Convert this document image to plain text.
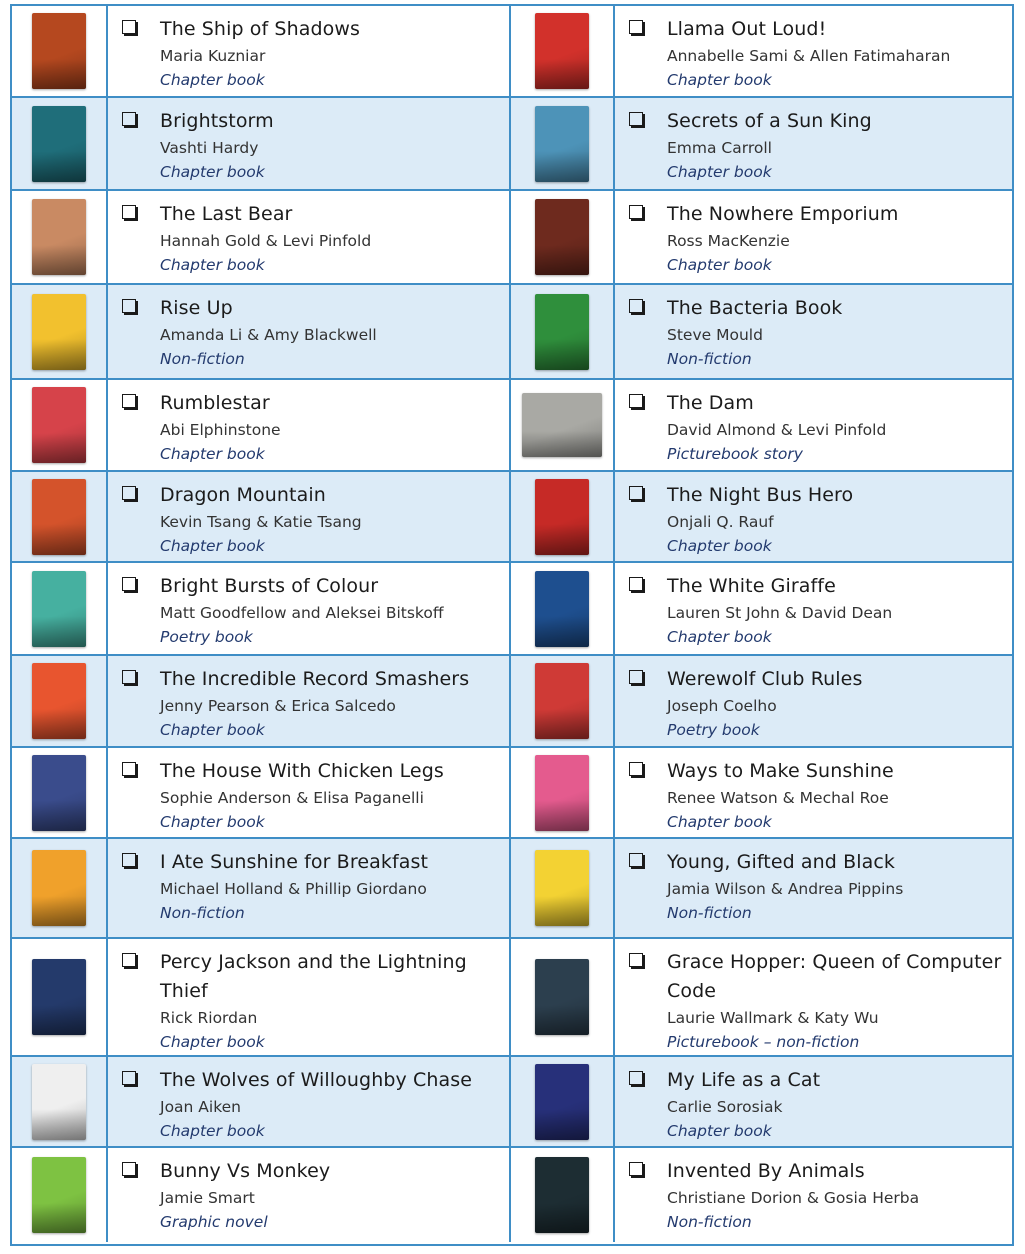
The Ship of Shadows
Maria Kuzniar
Chapter book
Llama Out Loud!
Annabelle Sami & Allen Fatimaharan
Chapter book
Brightstorm
Vashti Hardy
Chapter book
Secrets of a Sun King
Emma Carroll
Chapter book
The Last Bear
Hannah Gold & Levi Pinfold
Chapter book
The Nowhere Emporium
Ross MacKenzie
Chapter book
Rise Up
Amanda Li & Amy Blackwell
Non-fiction
The Bacteria Book
Steve Mould
Non-fiction
Rumblestar
Abi Elphinstone
Chapter book
The Dam
David Almond & Levi Pinfold
Picturebook story
Dragon Mountain
Kevin Tsang & Katie Tsang
Chapter book
The Night Bus Hero
Onjali Q. Rauf
Chapter book
Bright Bursts of Colour
Matt Goodfellow and Aleksei Bitskoff
Poetry book
The White Giraffe
Lauren St John & David Dean
Chapter book
The Incredible Record Smashers
Jenny Pearson & Erica Salcedo
Chapter book
Werewolf Club Rules
Joseph Coelho
Poetry book
The House With Chicken Legs
Sophie Anderson & Elisa Paganelli
Chapter book
Ways to Make Sunshine
Renee Watson & Mechal Roe
Chapter book
I Ate Sunshine for Breakfast
Michael Holland & Phillip Giordano
Non-fiction
Young, Gifted and Black
Jamia Wilson & Andrea Pippins
Non-fiction
Percy Jackson and the Lightning Thief
Rick Riordan
Chapter book
Grace Hopper: Queen of Computer Code
Laurie Wallmark & Katy Wu
Picturebook – non-fiction
The Wolves of Willoughby Chase
Joan Aiken
Chapter book
My Life as a Cat
Carlie Sorosiak
Chapter book
Bunny Vs Monkey
Jamie Smart
Graphic novel
Invented By Animals
Christiane Dorion & Gosia Herba
Non-fiction
